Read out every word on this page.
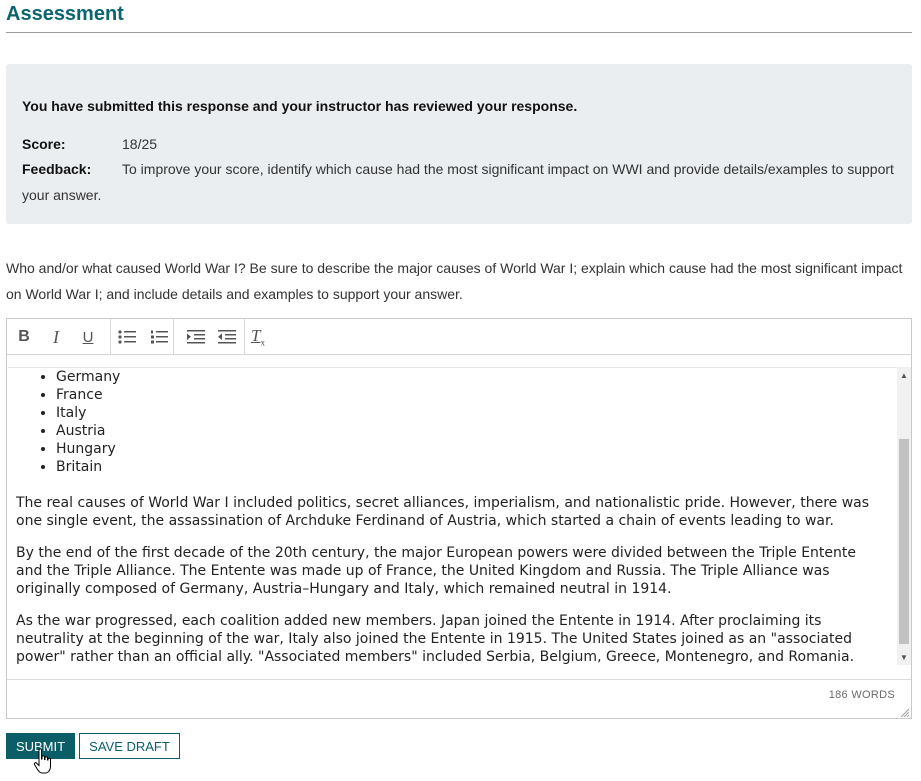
Assessment
You have submitted this response and your instructor has reviewed your response.
Score:	18/25
Feedback: To improve your score, identify which cause had the most significant impact on WWI and provide details/examples to support your answer.

Who and/or what caused World War I? Be sure to describe the major causes of World War I; explain which cause had the most significant impact on World War I; and include details and examples to support your answer.

B I U	$T_x$
• Germany
• France
• Italy
• Austria
• Hungary
• Britain

The real causes of World War I included politics, secret alliances, imperialism, and nationalistic pride. However, there was one single event, the assassination of Archduke Ferdinand of Austria, which started a chain of events leading to war.

By the end of the first decade of the 20th century, the major European powers were divided between the Triple Entente and the Triple Alliance. The Entente was made up of France, the United Kingdom and Russia. The Triple Alliance was originally composed of Germany, Austria–Hungary and Italy, which remained neutral in 1914.

As the war progressed, each coalition added new members. Japan joined the Entente in 1914. After proclaiming its neutrality at the beginning of the war, Italy also joined the Entente in 1915. The United States joined as an "associated power" rather than an official ally. "Associated members" included Serbia, Belgium, Greece, Montenegro, and Romania.

▲
▼
186 WORDS
SUBMIT	SAVE DRAFT
